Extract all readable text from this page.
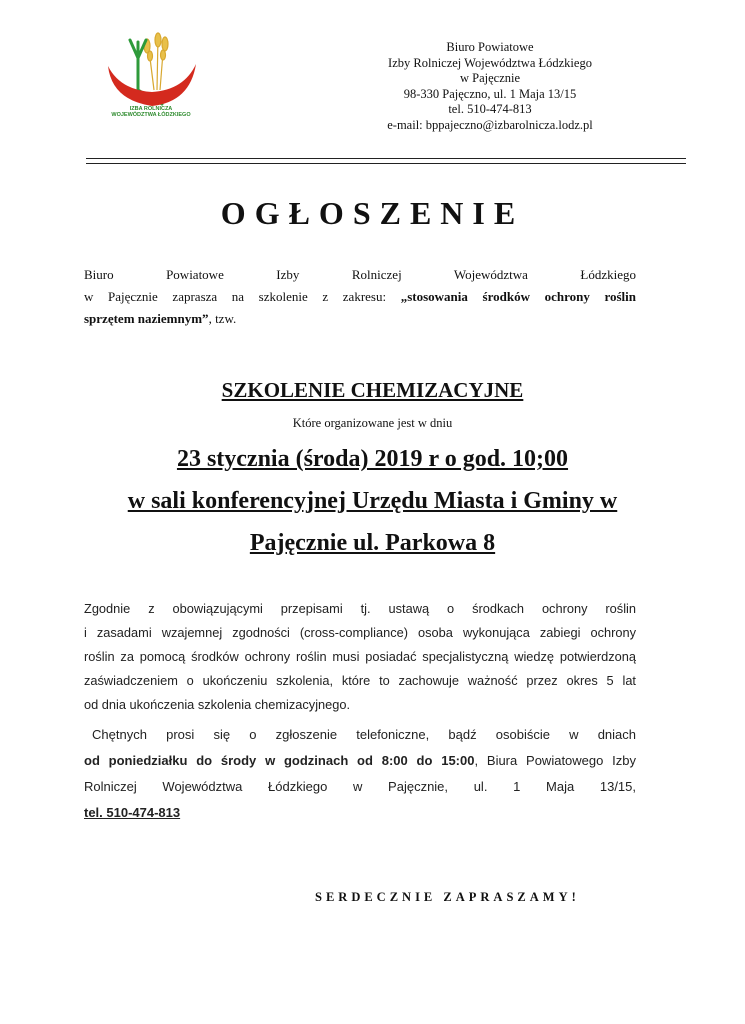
IZBA ROLNICZA
WOJEWÓDZTWA ŁÓDZKIEGO
Biuro Powiatowe
Izby Rolniczej Województwa Łódzkiego
w Pajęcznie
98-330 Pajęczno, ul. 1 Maja 13/15
tel. 510-474-813
e-mail: bppajeczno@izbarolnicza.lodz.pl
OGŁOSZENIE
Biuro Powiatowe Izby Rolniczej Województwa Łódzkiego
w Pajęcznie zaprasza na szkolenie z zakresu: „stosowania środków ochrony roślin
sprzętem naziemnym”, tzw.
SZKOLENIE CHEMIZACYJNE
Które organizowane jest w dniu
23 stycznia (środa) 2019 r o god. 10;00
w sali konferencyjnej Urzędu Miasta i Gminy w
Pajęcznie ul. Parkowa 8
Zgodnie z obowiązującymi przepisami tj. ustawą o środkach ochrony roślin
i zasadami wzajemnej zgodności (cross-compliance) osoba wykonująca zabiegi ochrony
roślin za pomocą środków ochrony roślin musi posiadać specjalistyczną wiedzę potwierdzoną
zaświadczeniem o ukończeniu szkolenia, które to zachowuje ważność przez okres 5 lat
od dnia ukończenia szkolenia chemizacyjnego.
Chętnych prosi się o zgłoszenie telefoniczne, bądź osobiście w dniach
od poniedziałku do środy w godzinach od 8:00 do 15:00, Biura Powiatowego Izby
Rolniczej Województwa Łódzkiego w Pajęcznie, ul. 1 Maja 13/15,
tel. 510-474-813
SERDECZNIE ZAPRASZAMY!
